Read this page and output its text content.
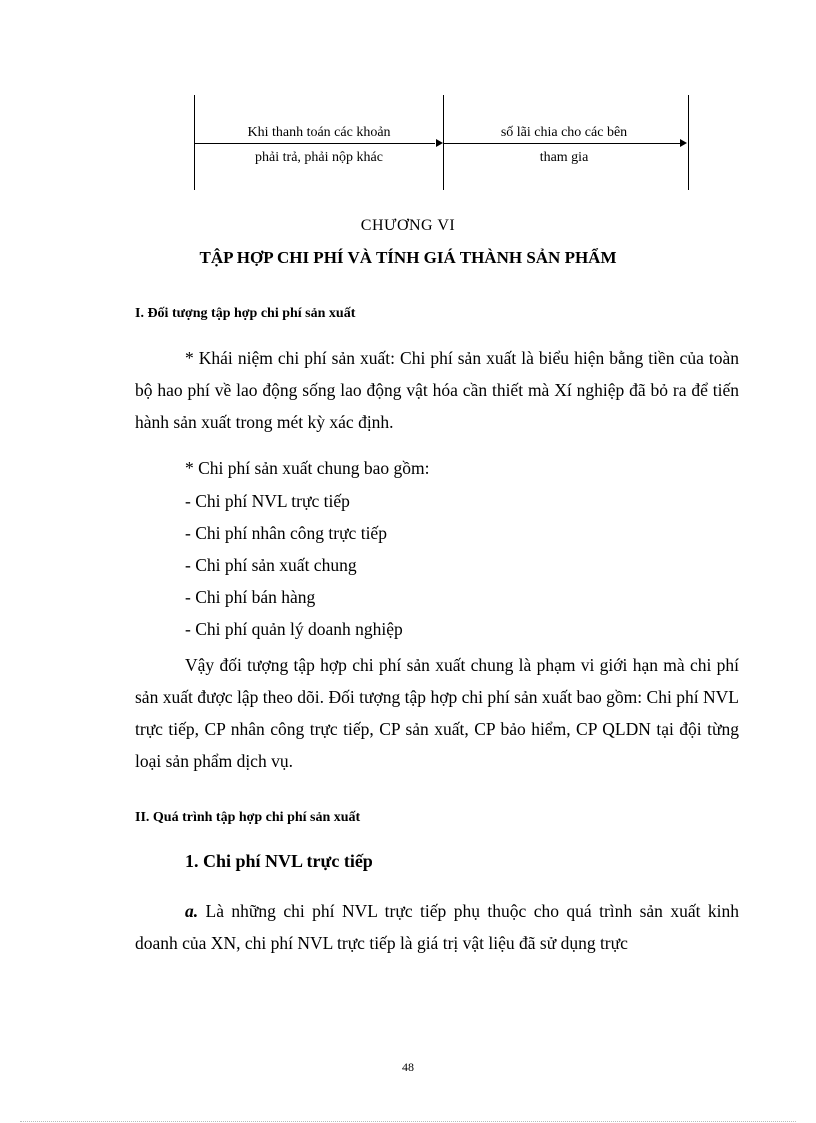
Khi thanh toán các khoản
phải trả, phải nộp khác
số lãi chia cho các bên
tham gia
CHƯƠNG VI
TẬP HỢP CHI PHÍ VÀ TÍNH GIÁ THÀNH SẢN PHẨM
I. Đối tượng tập hợp chi phí sản xuất

* Khái niệm chi phí sản xuất: Chi phí sản xuất là biểu hiện bằng tiền của toàn bộ hao phí về lao động sống lao động vật hóa cần thiết mà Xí nghiệp đã bỏ ra để tiến hành sản xuất trong mét kỳ xác định.

* Chi phí sản xuất chung bao gồm:
- Chi phí NVL trực tiếp
- Chi phí nhân công trực tiếp
- Chi phí sản xuất chung
- Chi phí bán hàng
- Chi phí quản lý doanh nghiệp

Vậy đối tượng tập hợp chi phí sản xuất chung là phạm vi giới hạn mà chi phí sản xuất được lập theo dõi. Đối tượng tập hợp chi phí sản xuất bao gồm: Chi phí NVL trực tiếp, CP nhân công trực tiếp, CP sản xuất, CP bảo hiểm, CP QLDN tại đội từng loại sản phẩm dịch vụ.

II. Quá trình tập hợp chi phí sản xuất
1. Chi phí NVL trực tiếp

a. Là những chi phí NVL trực tiếp phụ thuộc cho quá trình sản xuất kinh doanh của XN, chi phí NVL trực tiếp là giá trị vật liệu đã sử dụng trực

48
